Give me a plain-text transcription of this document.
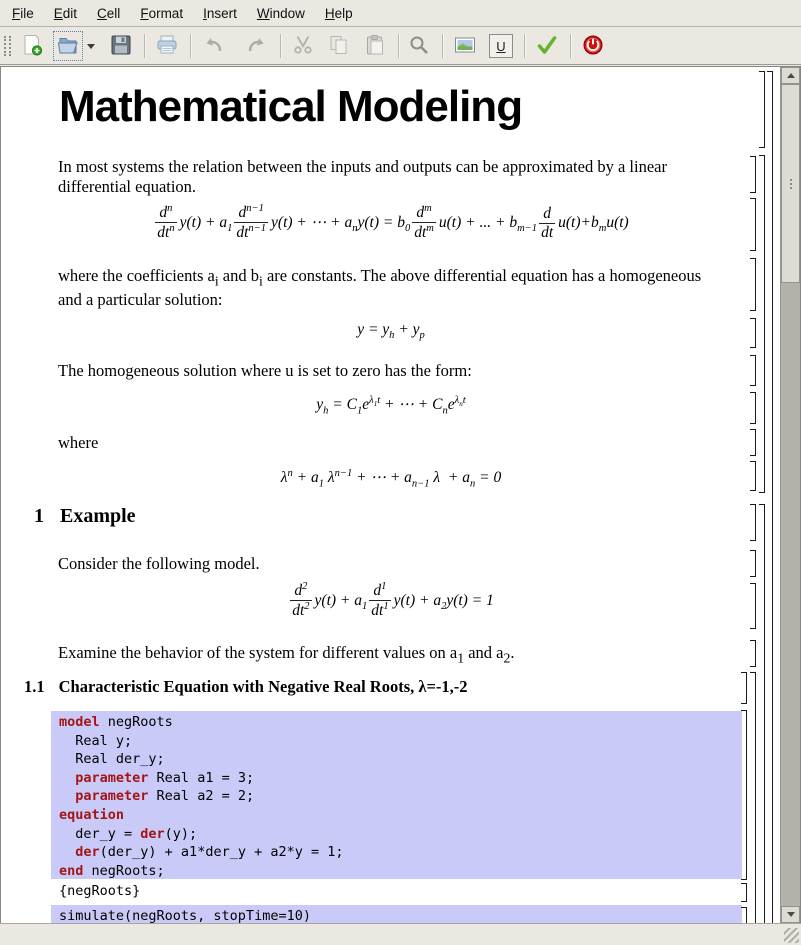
File	Edit	Cell	Format	Insert	Window	Help
U
Mathematical Modeling
In most systems the relation between the inputs and outputs can be approximated by a linear differential equation.
$d^n$
$dt^n$ $y(t) + a_1$
$d^{n-1}$
$dt^{n-1}$ y(t) + ⋯ + $a_ny(t) = b_0$
$d^m$
$dt^m$ u(t) + ... + $b_{m-1} \frac{d}{dt} u(t)+b_mu(t)$
where the coefficients $a_i$ and $b_i$ are constants. The above differential equation has a homogeneous and a particular solution:
$y = y_h + y_p$
The homogeneous solution where u is set to zero has the form:
$y_h = C_1e^{\lambda_1t}$ + ⋯ + $C_ne^{\lambda_nt}$
where
$\lambda^n + a_1$ $\lambda^{n-1}$ + ⋯ + $a_{n-1}$ $\lambda + a_n = 0$
1 Example
Consider the following model.
$\frac{d^2}{dt^2} y(t) + a_1 \frac{d^1}{dt^1} y(t) + a_2y(t) = 1$
Examine the behavior of the system for different values on $a_1$ and $a_2$.
1.1 Characteristic Equation with Negative Real Roots, λ=-1,-2
model negRoots
Real y;
Real der_y;
parameter Real a1 = 3;
parameter Real a2 = 2;
equation
der_y = der(y);
der(der_y) + a1*der_y + a2*y = 1;
end negRoots;
{negRoots}
simulate(negRoots, stopTime=10)
